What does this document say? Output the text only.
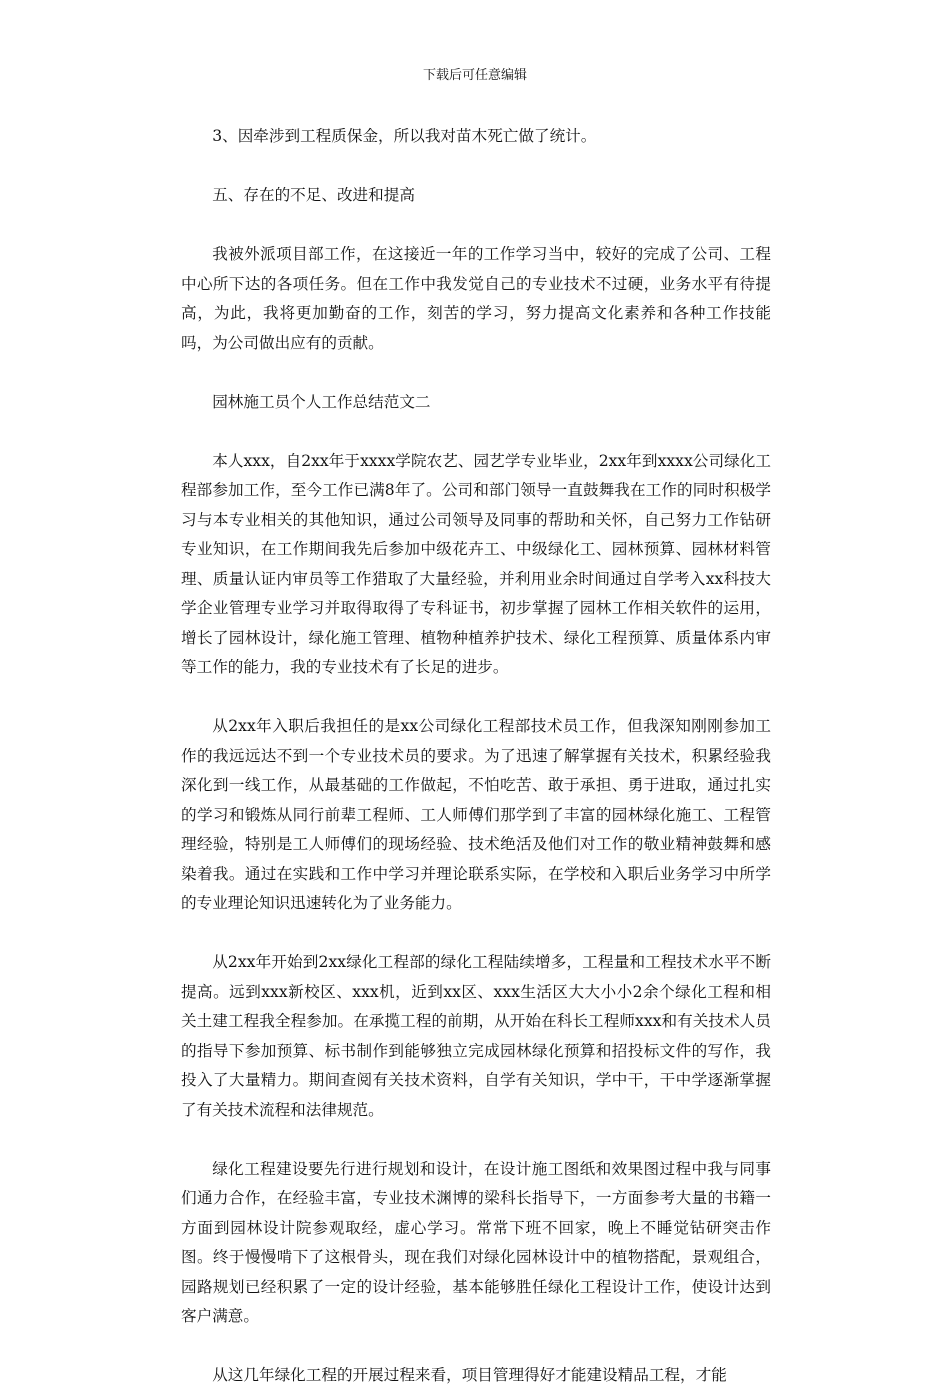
下载后可任意编辑

3、因牵涉到工程质保金，所以我对苗木死亡做了统计。

五、存在的不足、改进和提高

我被外派项目部工作，在这接近一年的工作学习当中，较好的完成了公司、工程中心所下达的各项任务。但在工作中我发觉自己的专业技术不过硬，业务水平有待提高，为此，我将更加勤奋的工作，刻苦的学习，努力提高文化素养和各种工作技能吗，为公司做出应有的贡献。

园林施工员个人工作总结范文二

本人xxx，自2xx年于xxxx学院农艺、园艺学专业毕业，2xx年到xxxx公司绿化工程部参加工作，至今工作已满8年了。公司和部门领导一直鼓舞我在工作的同时积极学习与本专业相关的其他知识，通过公司领导及同事的帮助和关怀，自己努力工作钻研专业知识，在工作期间我先后参加中级花卉工、中级绿化工、园林预算、园林材料管理、质量认证内审员等工作猎取了大量经验，并利用业余时间通过自学考入xx科技大学企业管理专业学习并取得取得了专科证书，初步掌握了园林工作相关软件的运用，增长了园林设计，绿化施工管理、植物种植养护技术、绿化工程预算、质量体系内审等工作的能力，我的专业技术有了长足的进步。

从2xx年入职后我担任的是xx公司绿化工程部技术员工作，但我深知刚刚参加工作的我远远达不到一个专业技术员的要求。为了迅速了解掌握有关技术，积累经验我深化到一线工作，从最基础的工作做起，不怕吃苦、敢于承担、勇于进取，通过扎实的学习和锻炼从同行前辈工程师、工人师傅们那学到了丰富的园林绿化施工、工程管理经验，特别是工人师傅们的现场经验、技术绝活及他们对工作的敬业精神鼓舞和感染着我。通过在实践和工作中学习并理论联系实际，在学校和入职后业务学习中所学的专业理论知识迅速转化为了业务能力。

从2xx年开始到2xx绿化工程部的绿化工程陆续增多，工程量和工程技术水平不断提高。远到xxx新校区、xxx机，近到xx区、xxx生活区大大小小2余个绿化工程和相关土建工程我全程参加。在承揽工程的前期，从开始在科长工程师xxx和有关技术人员的指导下参加预算、标书制作到能够独立完成园林绿化预算和招投标文件的写作，我投入了大量精力。期间查阅有关技术资料，自学有关知识，学中干，干中学逐渐掌握了有关技术流程和法律规范。

绿化工程建设要先行进行规划和设计，在设计施工图纸和效果图过程中我与同事们通力合作，在经验丰富，专业技术渊博的梁科长指导下，一方面参考大量的书籍一方面到园林设计院参观取经，虚心学习。常常下班不回家，晚上不睡觉钻研突击作图。终于慢慢啃下了这根骨头，现在我们对绿化园林设计中的植物搭配，景观组合，园路规划已经积累了一定的设计经验，基本能够胜任绿化工程设计工作，使设计达到客户满意。

从这几年绿化工程的开展过程来看，项目管理得好才能建设精品工程，才能
